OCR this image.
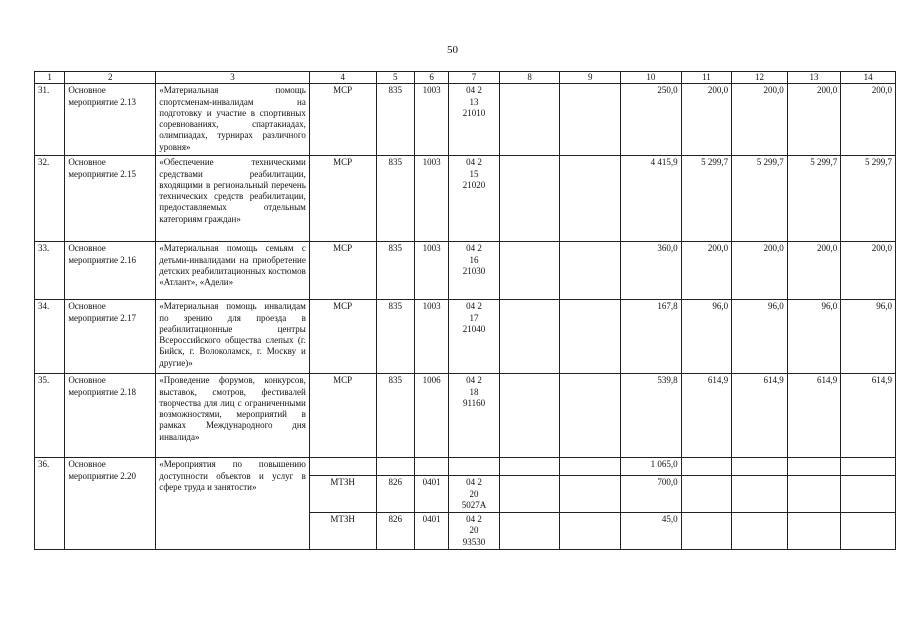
50
1	2	3	4	5	6	7	8	9	10	11	12	13	14
31.	Основное мероприятие 2.13	«Материальная помощь спортсменам-инвалидам на подготовку и участие в спортивных соревнованиях, спартакиадах, олимпиадах, турнирах различного уровня»	МСР	835	1003	04 2
13
21010			250,0	200,0	200,0	200,0	200,0
32.	Основное мероприятие 2.15	«Обеспечение техническими средствами реабилитации, входящими в региональный перечень технических средств реабилитации, предоставляемых отдельным категориям граждан»	МСР	835	1003	04 2
15
21020			4 415,9	5 299,7	5 299,7	5 299,7	5 299,7
33.	Основное мероприятие 2.16	«Материальная помощь семьям с детьми-инвалидами на приобретение детских реабилитационных костюмов «Атлант», «Адели»	МСР	835	1003	04 2
16
21030			360,0	200,0	200,0	200,0	200,0
34.	Основное мероприятие 2.17	«Материальная помощь инвалидам по зрению для проезда в реабилитационные центры Всероссийского общества слепых (г. Бийск, г. Волоколамск, г. Москву и другие)»	МСР	835	1003	04 2
17
21040			167,8	96,0	96,0	96,0	96,0
35.	Основное мероприятие 2.18	«Проведение форумов, конкурсов, выставок, смотров, фестивалей творчества для лиц с ограниченными возможностями, мероприятий в рамках Международного дня инвалида»	МСР	835	1006	04 2
18
91160			539,8	614,9	614,9	614,9	614,9
36.	Основное мероприятие 2.20	«Мероприятия по повышению доступности объектов и услуг в сфере труда и занятости»							1 065,0				
			МТЗН	826	0401	04 2
20
5027А			700,0				
			МТЗН	826	0401	04 2
20
93530			45,0				
